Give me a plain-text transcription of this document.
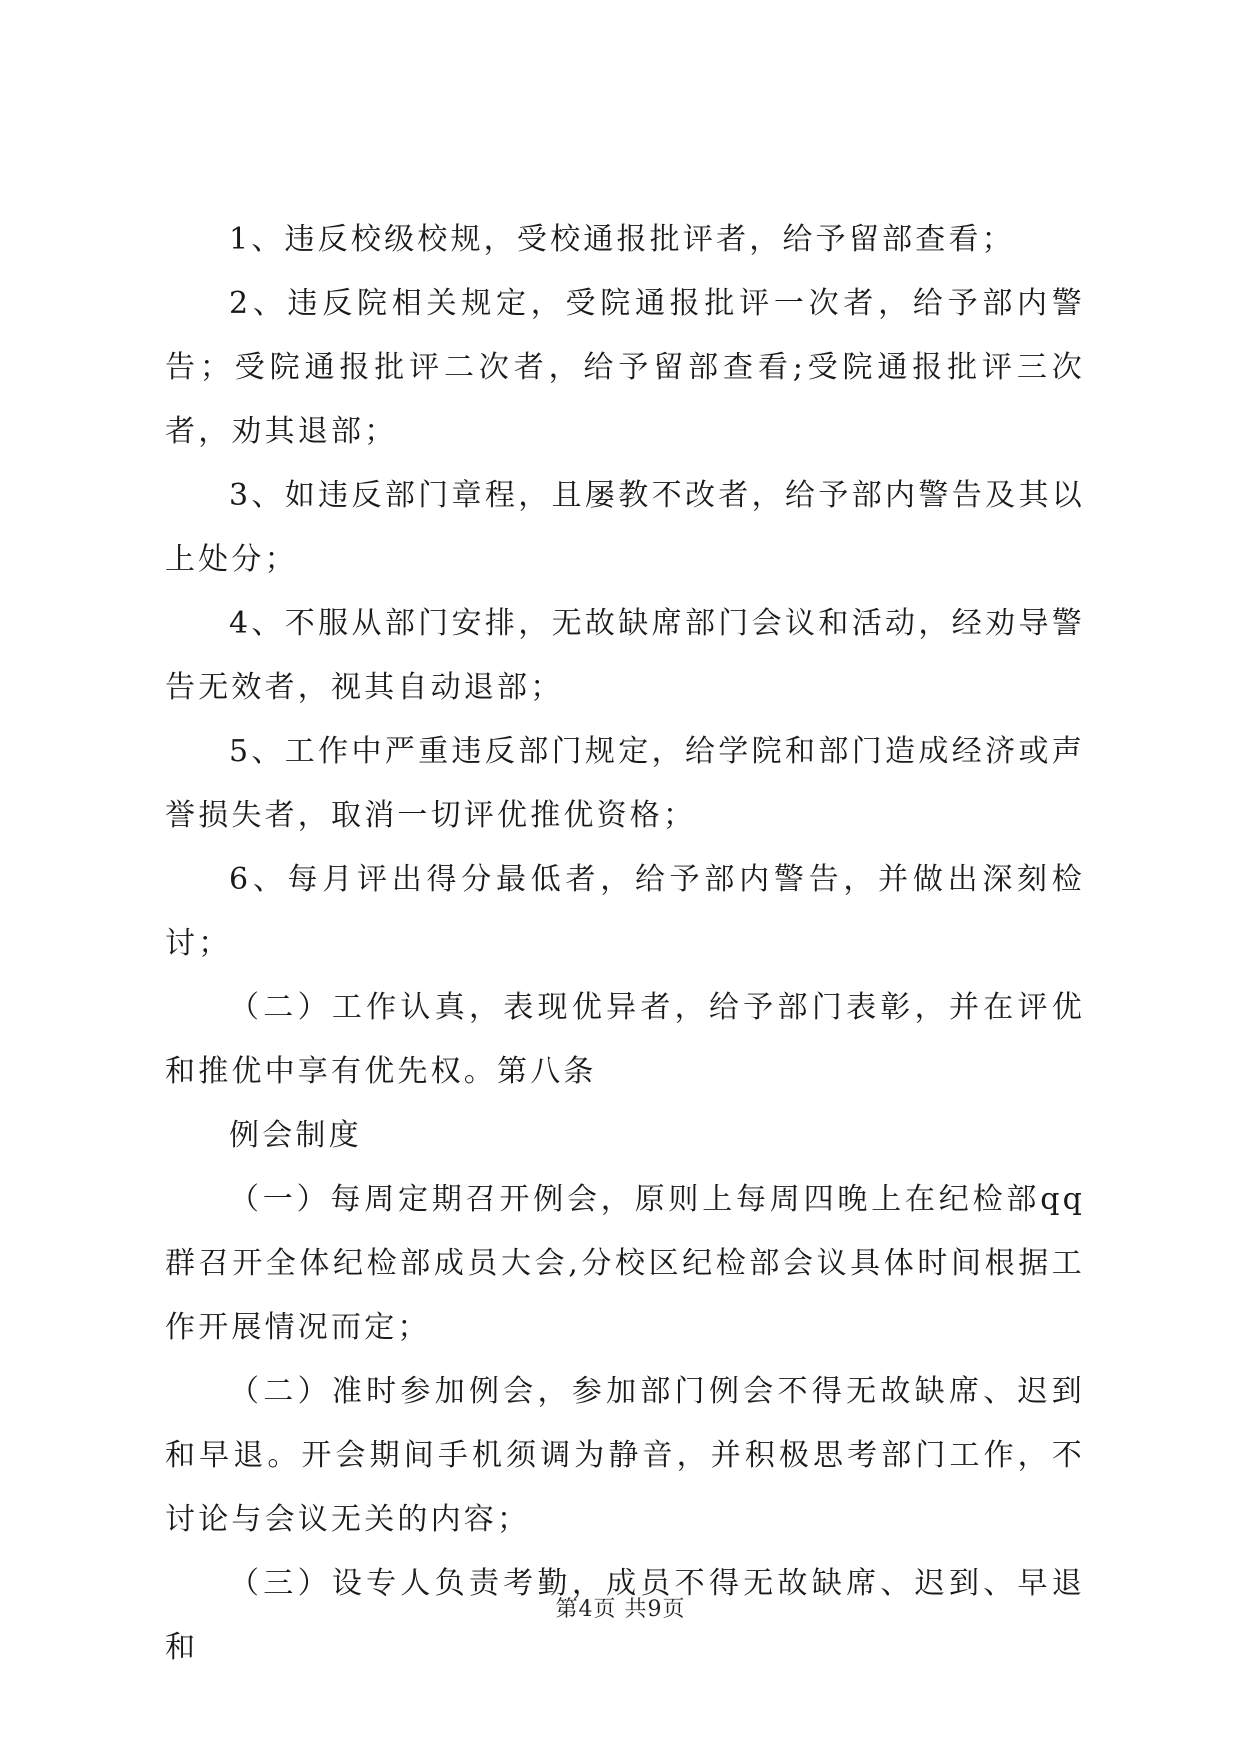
1、违反校级校规，受校通报批评者，给予留部查看；

2、违反院相关规定，受院通报批评一次者，给予部内警告；受院通报批评二次者，给予留部查看;受院通报批评三次者，劝其退部；

3、如违反部门章程，且屡教不改者，给予部内警告及其以上处分；

4、不服从部门安排，无故缺席部门会议和活动，经劝导警告无效者，视其自动退部；

5、工作中严重违反部门规定，给学院和部门造成经济或声誉损失者，取消一切评优推优资格；

6、每月评出得分最低者，给予部内警告，并做出深刻检讨；

（二）工作认真，表现优异者，给予部门表彰，并在评优和推优中享有优先权。第八条

例会制度

（一）每周定期召开例会，原则上每周四晚上在纪检部qq群召开全体纪检部成员大会,分校区纪检部会议具体时间根据工作开展情况而定；

（二）准时参加例会，参加部门例会不得无故缺席、迟到和早退。开会期间手机须调为静音，并积极思考部门工作，不讨论与会议无关的内容；

（三）设专人负责考勤，成员不得无故缺席、迟到、早退和

第4页 共9页
